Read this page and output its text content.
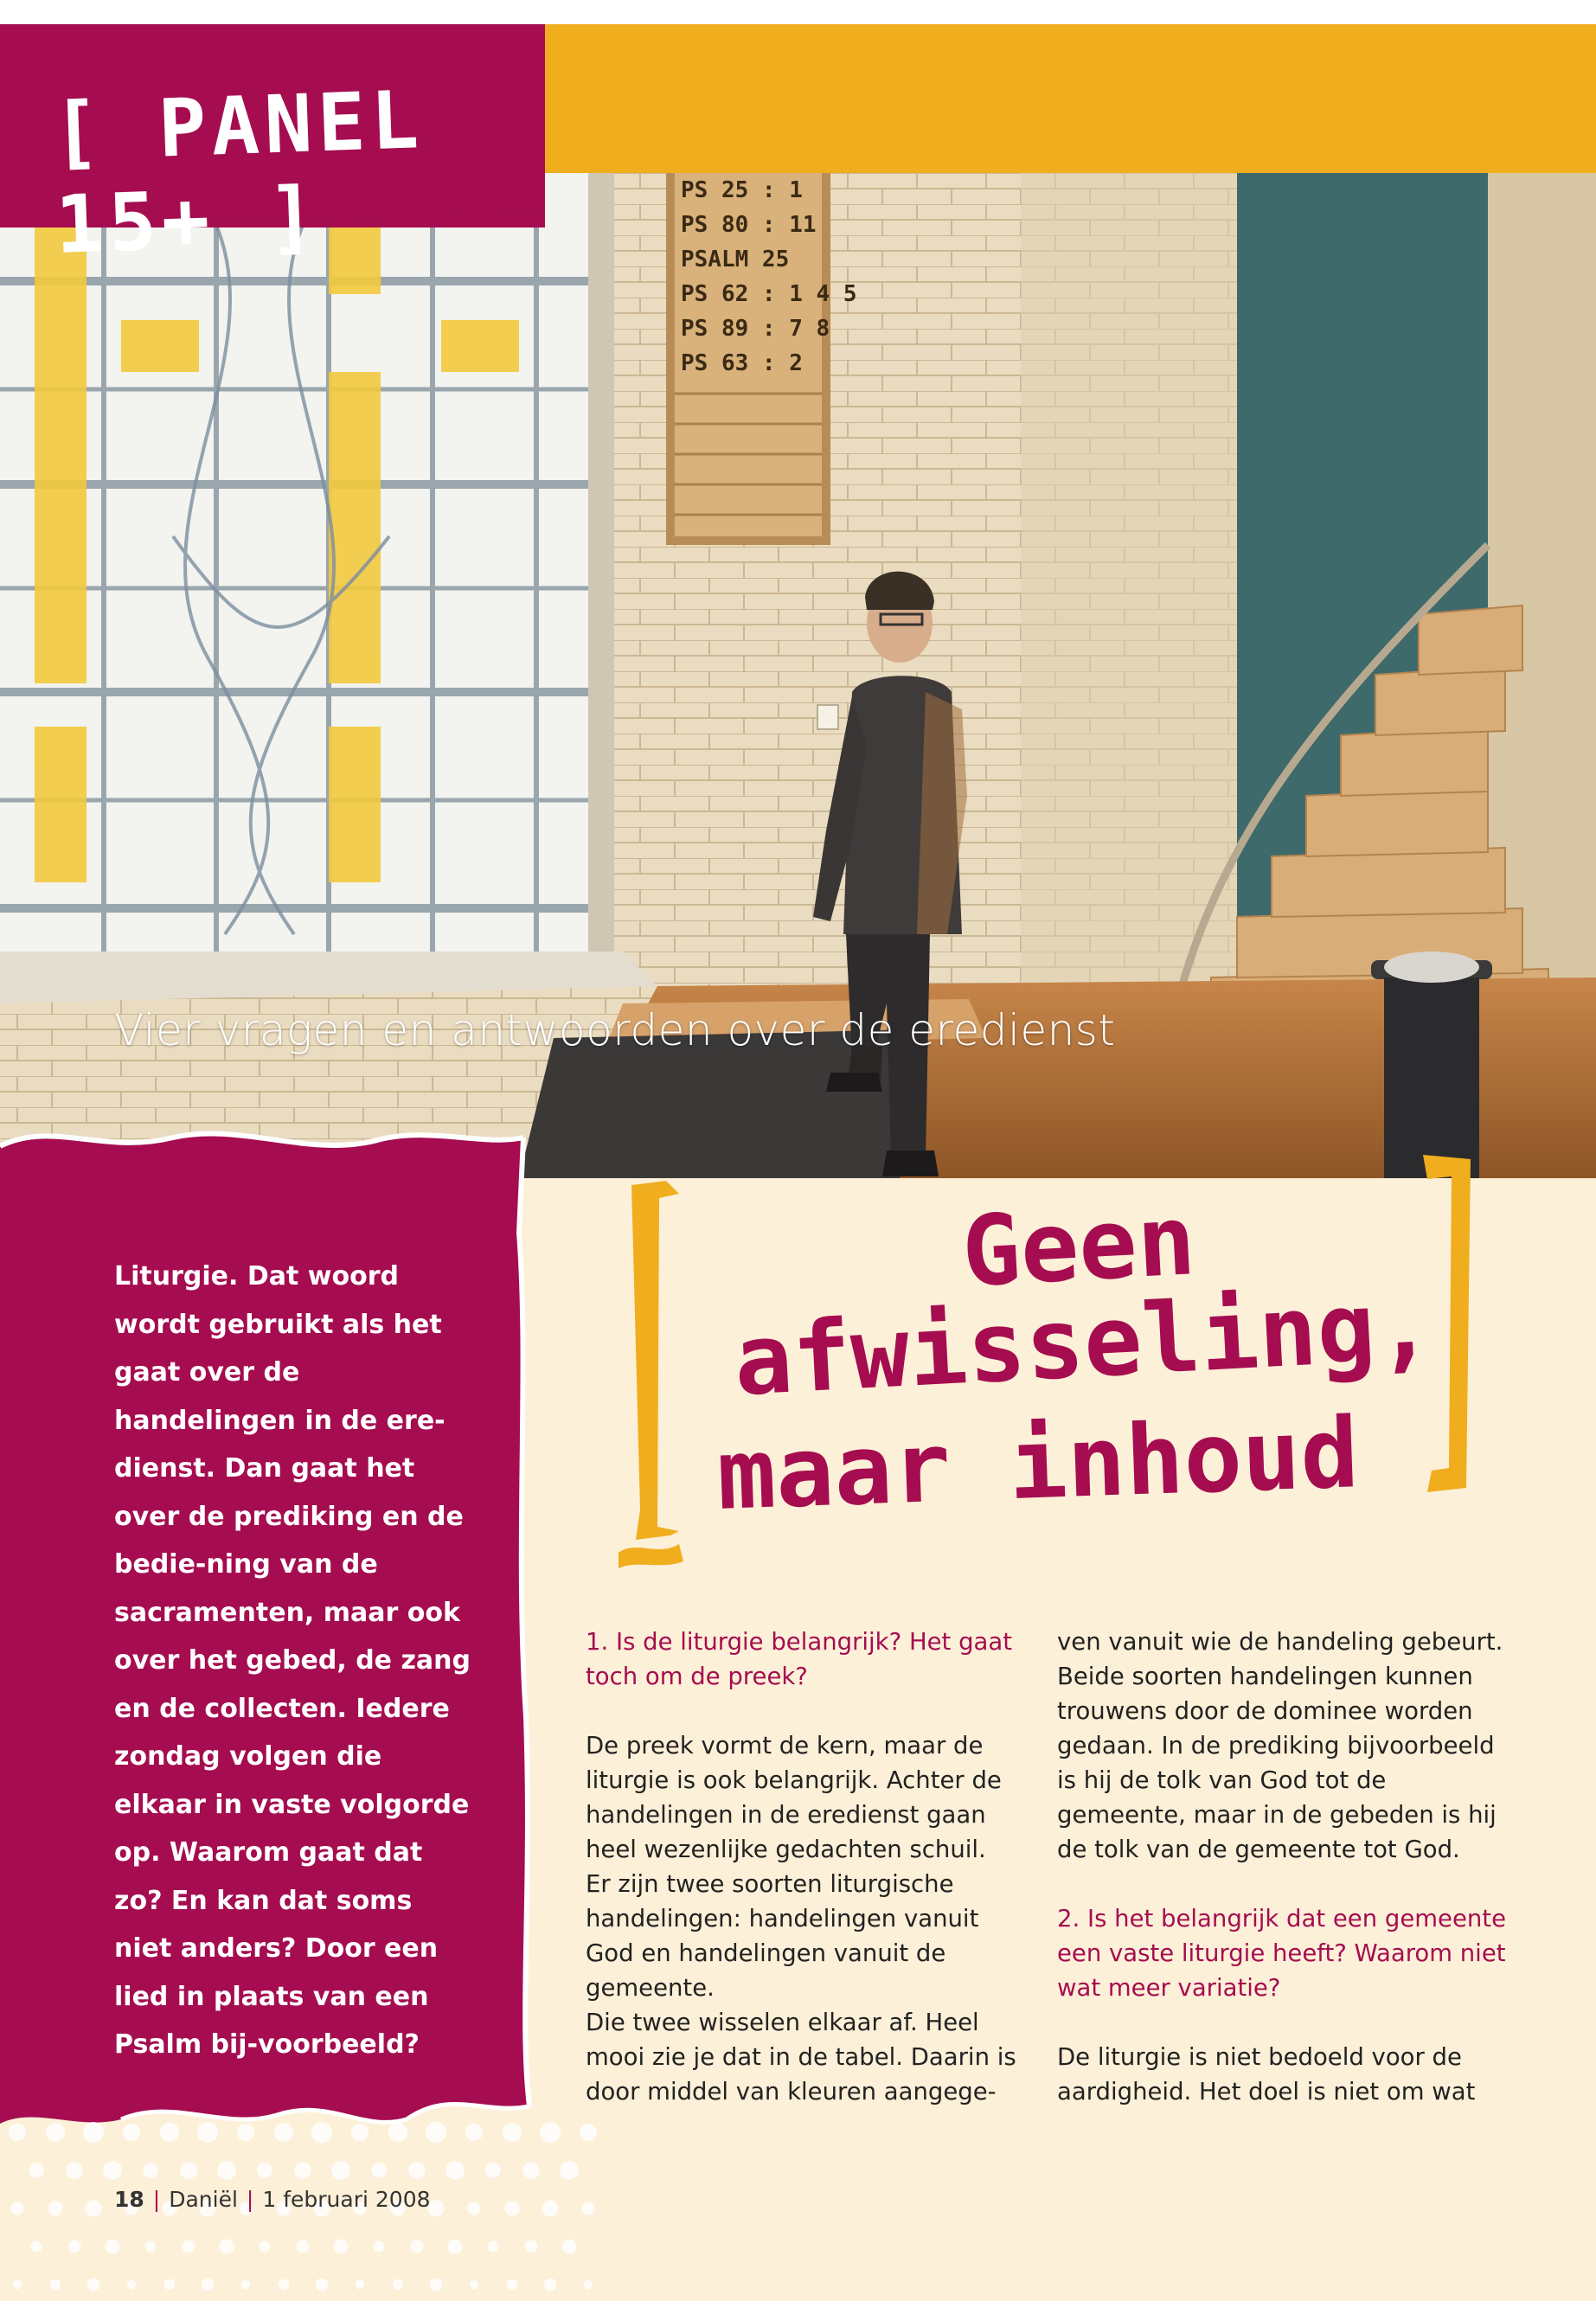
PS 25 : 1
PS 80 : 11
PSALM 25
PS 62 : 1 4 5
PS 89 : 7 8
PS 63 : 2
[ PANEL 15+ ]
Vier vragen en antwoorden over de eredienst
Liturgie. Dat woord wordt gebruikt als het gaat over de handelingen in de ere-dienst. Dan gaat het over de prediking en de bedie-ning van de sacramenten, maar ook over het gebed, de zang en de collecten. Iedere zondag volgen die elkaar in vaste volgorde op. Waarom gaat dat zo? En kan dat soms niet anders? Door een lied in plaats van een Psalm bij-voorbeeld?
Geen afwisseling,
maar inhoud
1. Is de liturgie belangrijk? Het gaat toch om de preek?
De preek vormt de kern, maar de liturgie is ook belangrijk. Achter de handelingen in de eredienst gaan heel wezenlijke gedachten schuil. Er zijn twee soorten liturgische handelingen: handelingen vanuit God en handelingen vanuit de gemeente.
Die twee wisselen elkaar af. Heel mooi zie je dat in de tabel. Daarin is door middel van kleuren aangege-
ven vanuit wie de handeling gebeurt. Beide soorten handelingen kunnen trouwens door de dominee worden gedaan. In de prediking bijvoorbeeld is hij de tolk van God tot de gemeente, maar in de gebeden is hij de tolk van de gemeente tot God.
2. Is het belangrijk dat een gemeente een vaste liturgie heeft? Waarom niet wat meer variatie?
De liturgie is niet bedoeld voor de aardigheid. Het doel is niet om wat
18 | Daniël | 1 februari 2008
